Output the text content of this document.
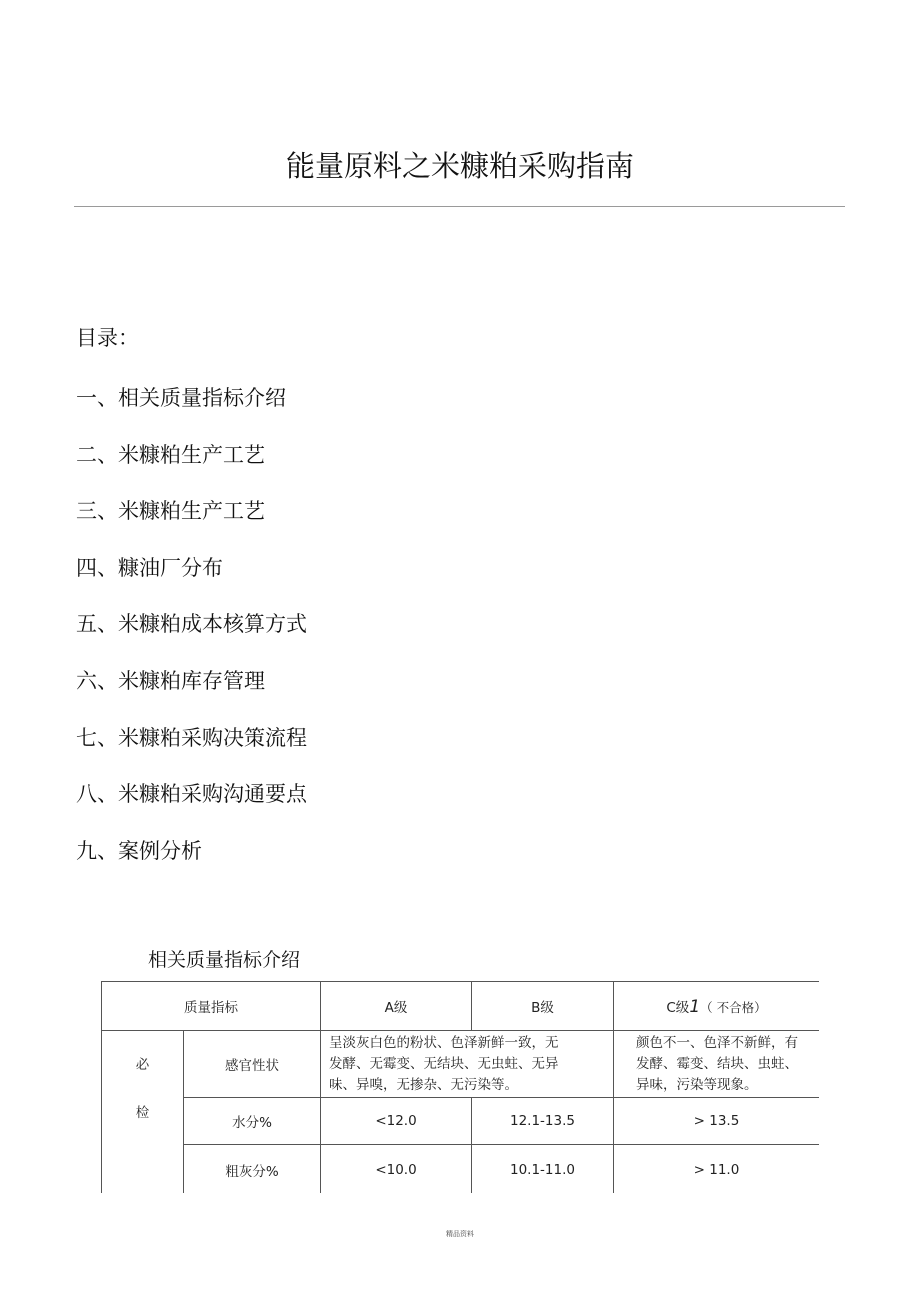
能量原料之米糠粕采购指南
目录：
一、相关质量指标介绍
二、米糠粕生产工艺
三、米糠粕生产工艺
四、糠油厂分布
五、米糠粕成本核算方式
六、米糠粕库存管理
七、米糠粕采购决策流程
八、米糠粕采购沟通要点
九、案例分析
相关质量指标介绍
质量指标		A级	B级	C级1（ 不合格）
必
检	感官性状	呈淡灰白色的粉状、色泽新鲜一致，无发酵、无霉变、无结块、无虫蛀、无异味、异嗅，无掺杂、无污染等。		颜色不一、色泽不新鲜，有发酵、霉变、结块、虫蛀、异味，污染等现象。
	水分%	<12.0	12.1-13.5	> 13.5
	粗灰分%	<10.0	10.1-11.0	> 11.0
精品资料
